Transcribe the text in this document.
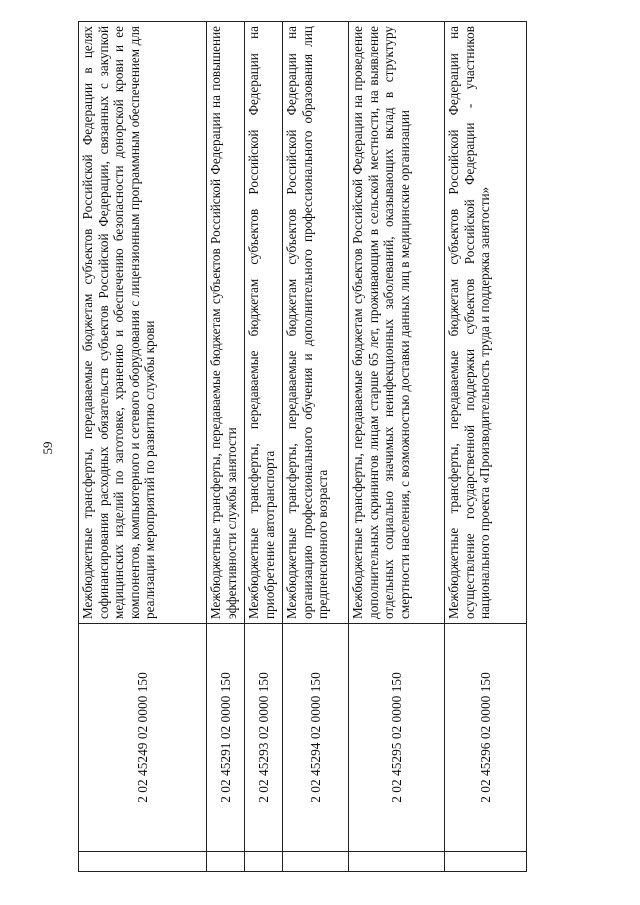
59
	2 02 45249 02 0000 150	Межбюджетные трансферты, передаваемые бюджетам субъектов Российской Федерации в целях софинансирования расходных обязательств субъектов Российской Федерации, связанных с закупкой медицинских изделий по заготовке, хранению и обеспечению безопасности донорской крови и ее компонентов, компьютерного и сетевого оборудования с лицензионным программным обеспечением для реализации мероприятий по развитию службы крови
	2 02 45291 02 0000 150	Межбюджетные трансферты, передаваемые бюджетам субъектов Российской Федерации на повышение эффективности службы занятости
	2 02 45293 02 0000 150	Межбюджетные трансферты, передаваемые бюджетам субъектов Российской Федерации на приобретение автотранспорта
	2 02 45294 02 0000 150	Межбюджетные трансферты, передаваемые бюджетам субъектов Российской Федерации на организацию профессионального обучения и дополнительного профессионального образования лиц предпенсионного возраста
	2 02 45295 02 0000 150	Межбюджетные трансферты, передаваемые бюджетам субъектов Российской Федерации на проведение дополнительных скринингов лицам старше 65 лет, проживающим в сельской местности, на выявление отдельных социально значимых неинфекционных заболеваний, оказывающих вклад в структуру смертности населения, с возможностью доставки данных лиц в медицинские организации
	2 02 45296 02 0000 150	Межбюджетные трансферты, передаваемые бюджетам субъектов Российской Федерации на осуществление государственной поддержки субъектов Российской Федерации - участников национального проекта «Производительность труда и поддержка занятости»
